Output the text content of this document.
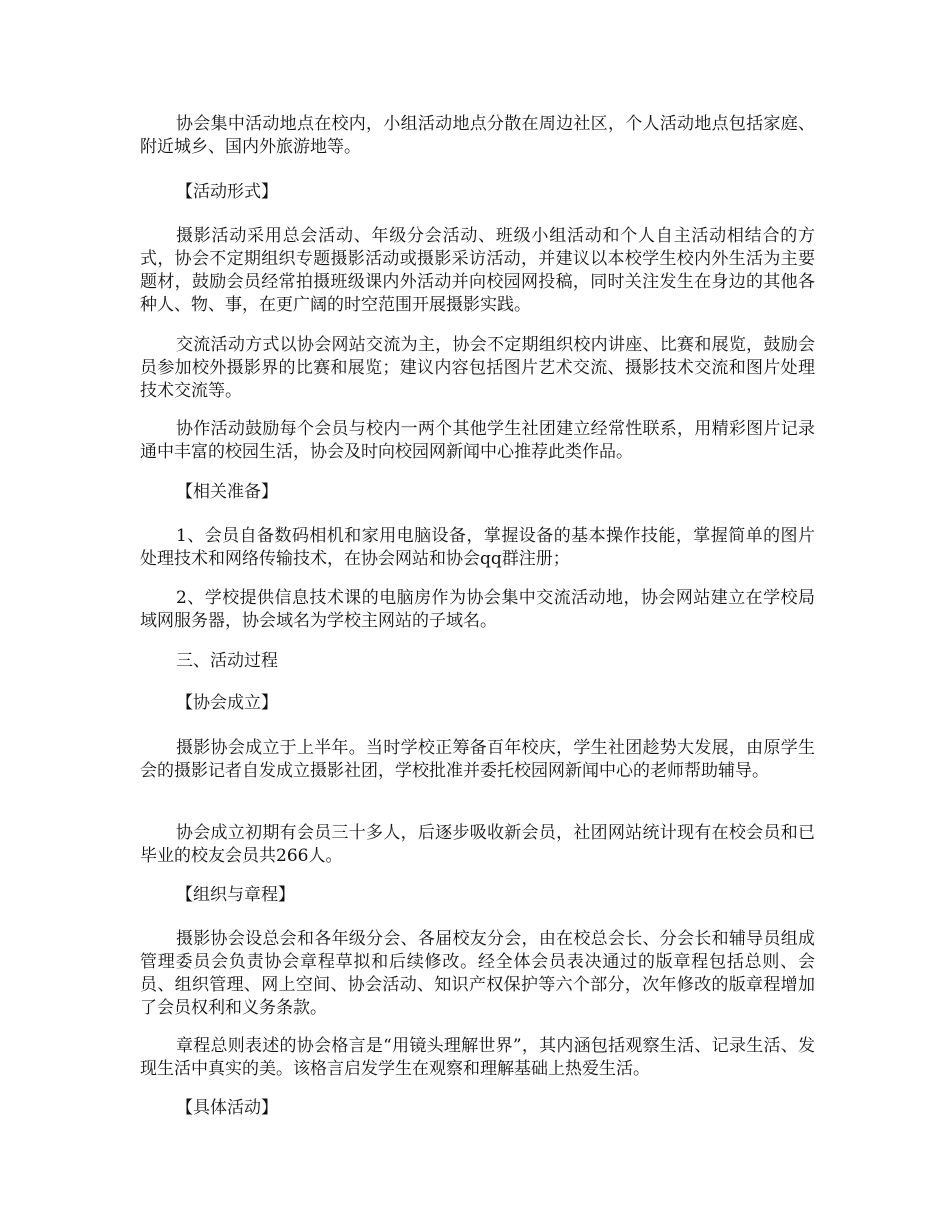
协会集中活动地点在校内，小组活动地点分散在周边社区，个人活动地点包括家庭、附近城乡、国内外旅游地等。

【活动形式】

摄影活动采用总会活动、年级分会活动、班级小组活动和个人自主活动相结合的方式，协会不定期组织专题摄影活动或摄影采访活动，并建议以本校学生校内外生活为主要题材，鼓励会员经常拍摄班级课内外活动并向校园网投稿，同时关注发生在身边的其他各种人、物、事，在更广阔的时空范围开展摄影实践。

交流活动方式以协会网站交流为主，协会不定期组织校内讲座、比赛和展览，鼓励会员参加校外摄影界的比赛和展览；建议内容包括图片艺术交流、摄影技术交流和图片处理技术交流等。

协作活动鼓励每个会员与校内一两个其他学生社团建立经常性联系，用精彩图片记录通中丰富的校园生活，协会及时向校园网新闻中心推荐此类作品。

【相关准备】

1、会员自备数码相机和家用电脑设备，掌握设备的基本操作技能，掌握简单的图片处理技术和网络传输技术，在协会网站和协会qq群注册；

2、学校提供信息技术课的电脑房作为协会集中交流活动地，协会网站建立在学校局域网服务器，协会域名为学校主网站的子域名。

三、活动过程

【协会成立】

摄影协会成立于上半年。当时学校正筹备百年校庆，学生社团趁势大发展，由原学生会的摄影记者自发成立摄影社团，学校批准并委托校园网新闻中心的老师帮助辅导。

协会成立初期有会员三十多人，后逐步吸收新会员，社团网站统计现有在校会员和已毕业的校友会员共266人。

【组织与章程】

摄影协会设总会和各年级分会、各届校友分会，由在校总会长、分会长和辅导员组成管理委员会负责协会章程草拟和后续修改。经全体会员表决通过的版章程包括总则、会员、组织管理、网上空间、协会活动、知识产权保护等六个部分，次年修改的版章程增加了会员权利和义务条款。

章程总则表述的协会格言是“用镜头理解世界”，其内涵包括观察生活、记录生活、发现生活中真实的美。该格言启发学生在观察和理解基础上热爱生活。

【具体活动】
